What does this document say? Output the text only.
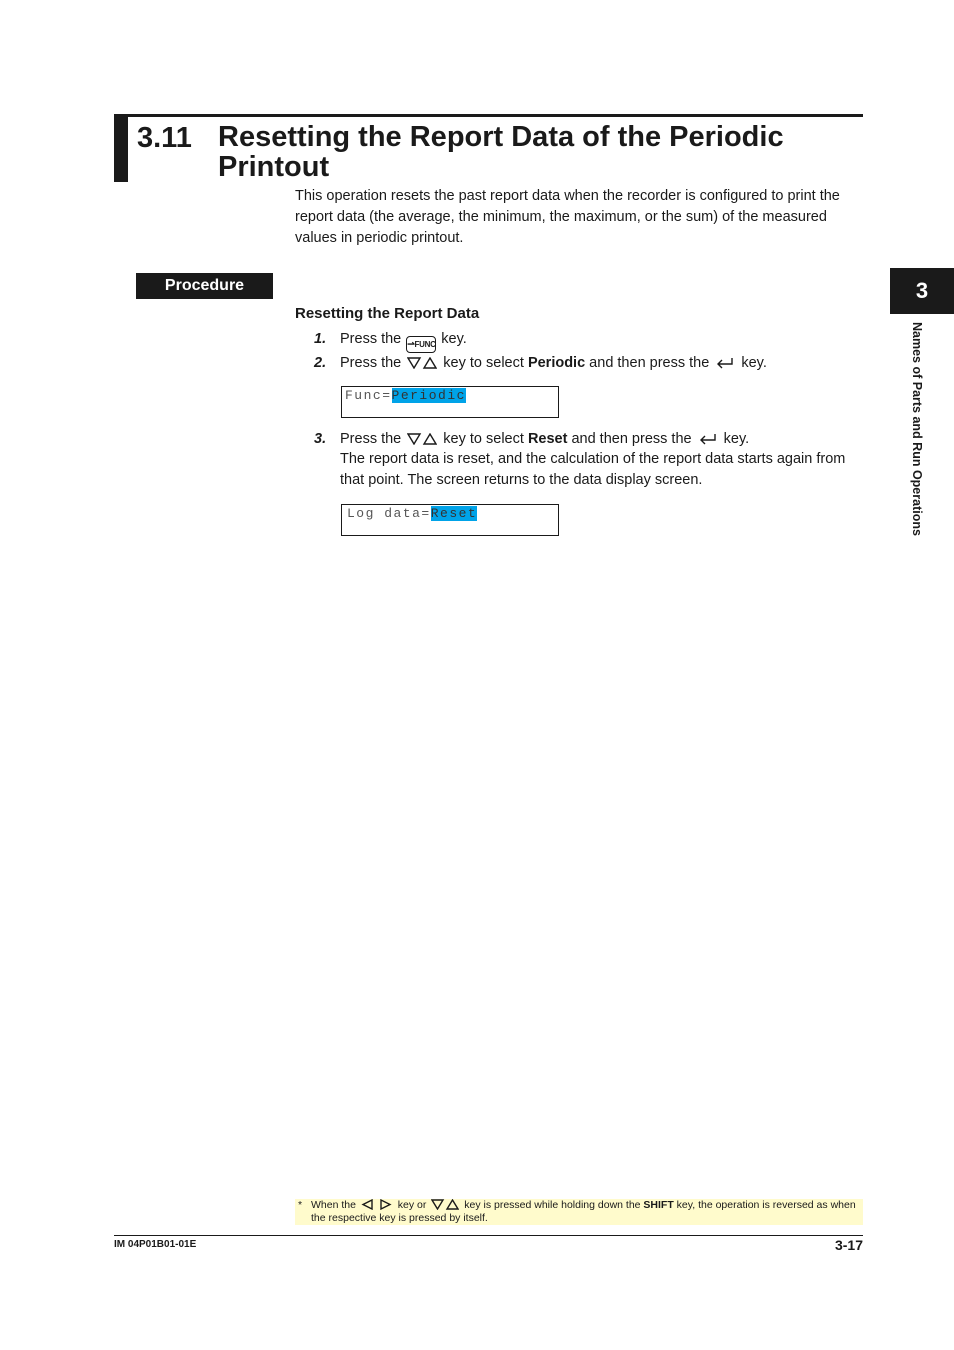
3.11 Resetting the Report Data of the Periodic Printout
This operation resets the past report data when the recorder is configured to print the report data (the average, the minimum, the maximum, or the sum) of the measured values in periodic printout.
Procedure
Resetting the Report Data
1. Press the ⇀FUNC key.
2. Press the  key to select Periodic and then press the  key.
Func=Periodic
3. Press the  key to select Reset and then press the  key.
The report data is reset, and the calculation of the report data starts again from that point. The screen returns to the data display screen.
Log data=Reset
3
Names of Parts and Run Operations
* When the	key or	key is pressed while holding down the SHIFT key, the operation is reversed as when the respective key is pressed by itself.
IM 04P01B01-01E	3-17
